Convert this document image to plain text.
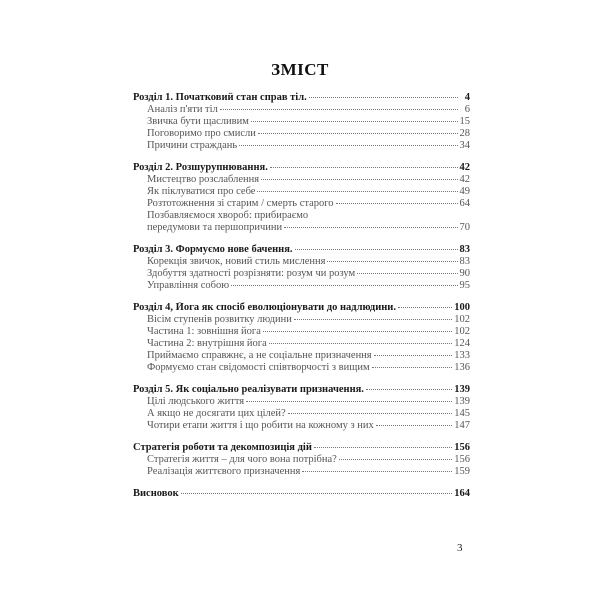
ЗМІСТ
Розділ 1. Початковий стан справ тіл.	4
Аналіз п'яти тіл	6
Звичка бути щасливим	15
Поговоримо про смисли	28
Причини страждань	34
Розділ 2. Розшурупнювання.	42
Мистецтво розслаблення	42
Як піклуватися про себе	49
Розтотожнення зі старим / смерть старого	64
Позбавляємося хвороб: прибираємо
передумови та першопричини	70
Розділ 3. Формуємо нове бачення.	83
Корекція звичок, новий стиль мислення	83
Здобуття здатності розрізняти: розум чи розум	90
Управління собою	95
Розділ 4, Йога як спосіб еволюціонувати до надлюдини.	100
Вісім ступенів розвитку людини	102
Частина 1: зовнішня йога	102
Частина 2: внутрішня йога	124
Приймаємо справжнє, а не соціальне призначення	133
Формуємо стан свідомості співтворчості з вищим	136
Розділ 5. Як соціально реалізувати призначення.	139
Цілі людського життя	139
А якщо не досягати цих цілей?	145
Чотири етапи життя і що робити на кожному з них	147
Стратегія роботи та декомпозиція дій	156
Стратегія життя – для чого вона потрібна?	156
Реалізація життєвого призначення	159
Висновок	164
3
